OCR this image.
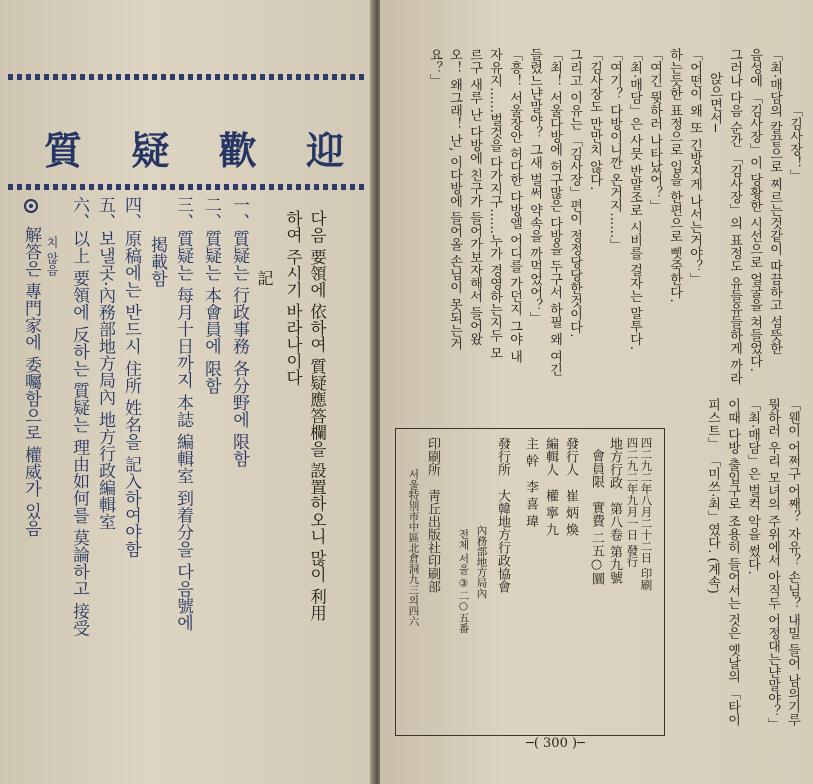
迎
歡
疑
質
다음 要領에 依하여 質疑應答欄을 設置하오니 많이 利用
하여 주시기 바라나이다
記
一、質疑는 行政事務 各分野에 限함
二、質疑는 本會員에 限함
三、質疑는 每月十日까지 本誌 編輯室 到着分을 다음號에
掲載함
四、原稿에는 반드시 住所 姓名을 記入하여야함
五、보낼곳·內務部地方局內 地方行政編輯室
六、以上 要領에 反하는 質疑는 理由如何를 莫論하고 接受
치 않음
解答은 專門家에 委囑함으로 權威가 있음
「김사장！」
「최·매담의 칼끝으로 찌르는것같이 따끔하고 섬뜻한
음성에 「김사장」이 당황한 시선으로 얼굴을 쳐들었다.
그러나 다음 순간 「김사장」의 표정도 유들유들하게 까라
앉으면서─
「어떤이 왜 또 긴방지게 나서는거야？」
하는듯한 표정으로 입을 한편으로 삣죽한다.
「여긴 뭣하러 나타났어？」
「최·매담」은 사뭇 반말조로 시비를 걸자는 말투다.
「여기？ 다방이니깐 온거지……」
「김사장도 만만치 않다.
그리고 이유는 「김사장」편이 정정당당한것이다.
「최！ 서울다방에 허구많은 다방을 두구서 하필 왜 여긴
들렸느냔말야？ 그새 벌써 약속을 까먹었어？」
「흥！ 서울장안 허다한 다방엘 어디를 가던지 그야 내
자유지……벌것을 다가지구……누가 경영하는지두 모
르구 새루 난 다방에 친구가 들어가보자해서 들어왔
오！ 왜그래！ 난, 이다방에 들어올 손님이 못되는거
요？」
「웬이 어쩌구 어째？ 자유？ 손님？ 내밀 들어 남의기루
뭣하러 우리 모녀의 주위에서 아직두 어정대는냔말야？」
「최·매담」은 벌컥 악을 썼다.
이때 다방 출입구로 조용히 들어서는 것은 옛날의 「타이
피스트」 「미쓰·최」였다. (계속)
─( 300 )─
四二九二年八月二十二日 印刷
四二九二年九月一日 發行
地方行政　第八卷 第九號
會員限　實費 二五○圜
發行人　崔 炳 煥
編輯人　權 寧 九
主 幹　李 喜 瑋
發行所　大韓地方行政協會
內務部地方局內
전체 서울 ③二○五番
印刷所　靑丘出版社印刷部
서울特別市中區北倉洞九三의四六
